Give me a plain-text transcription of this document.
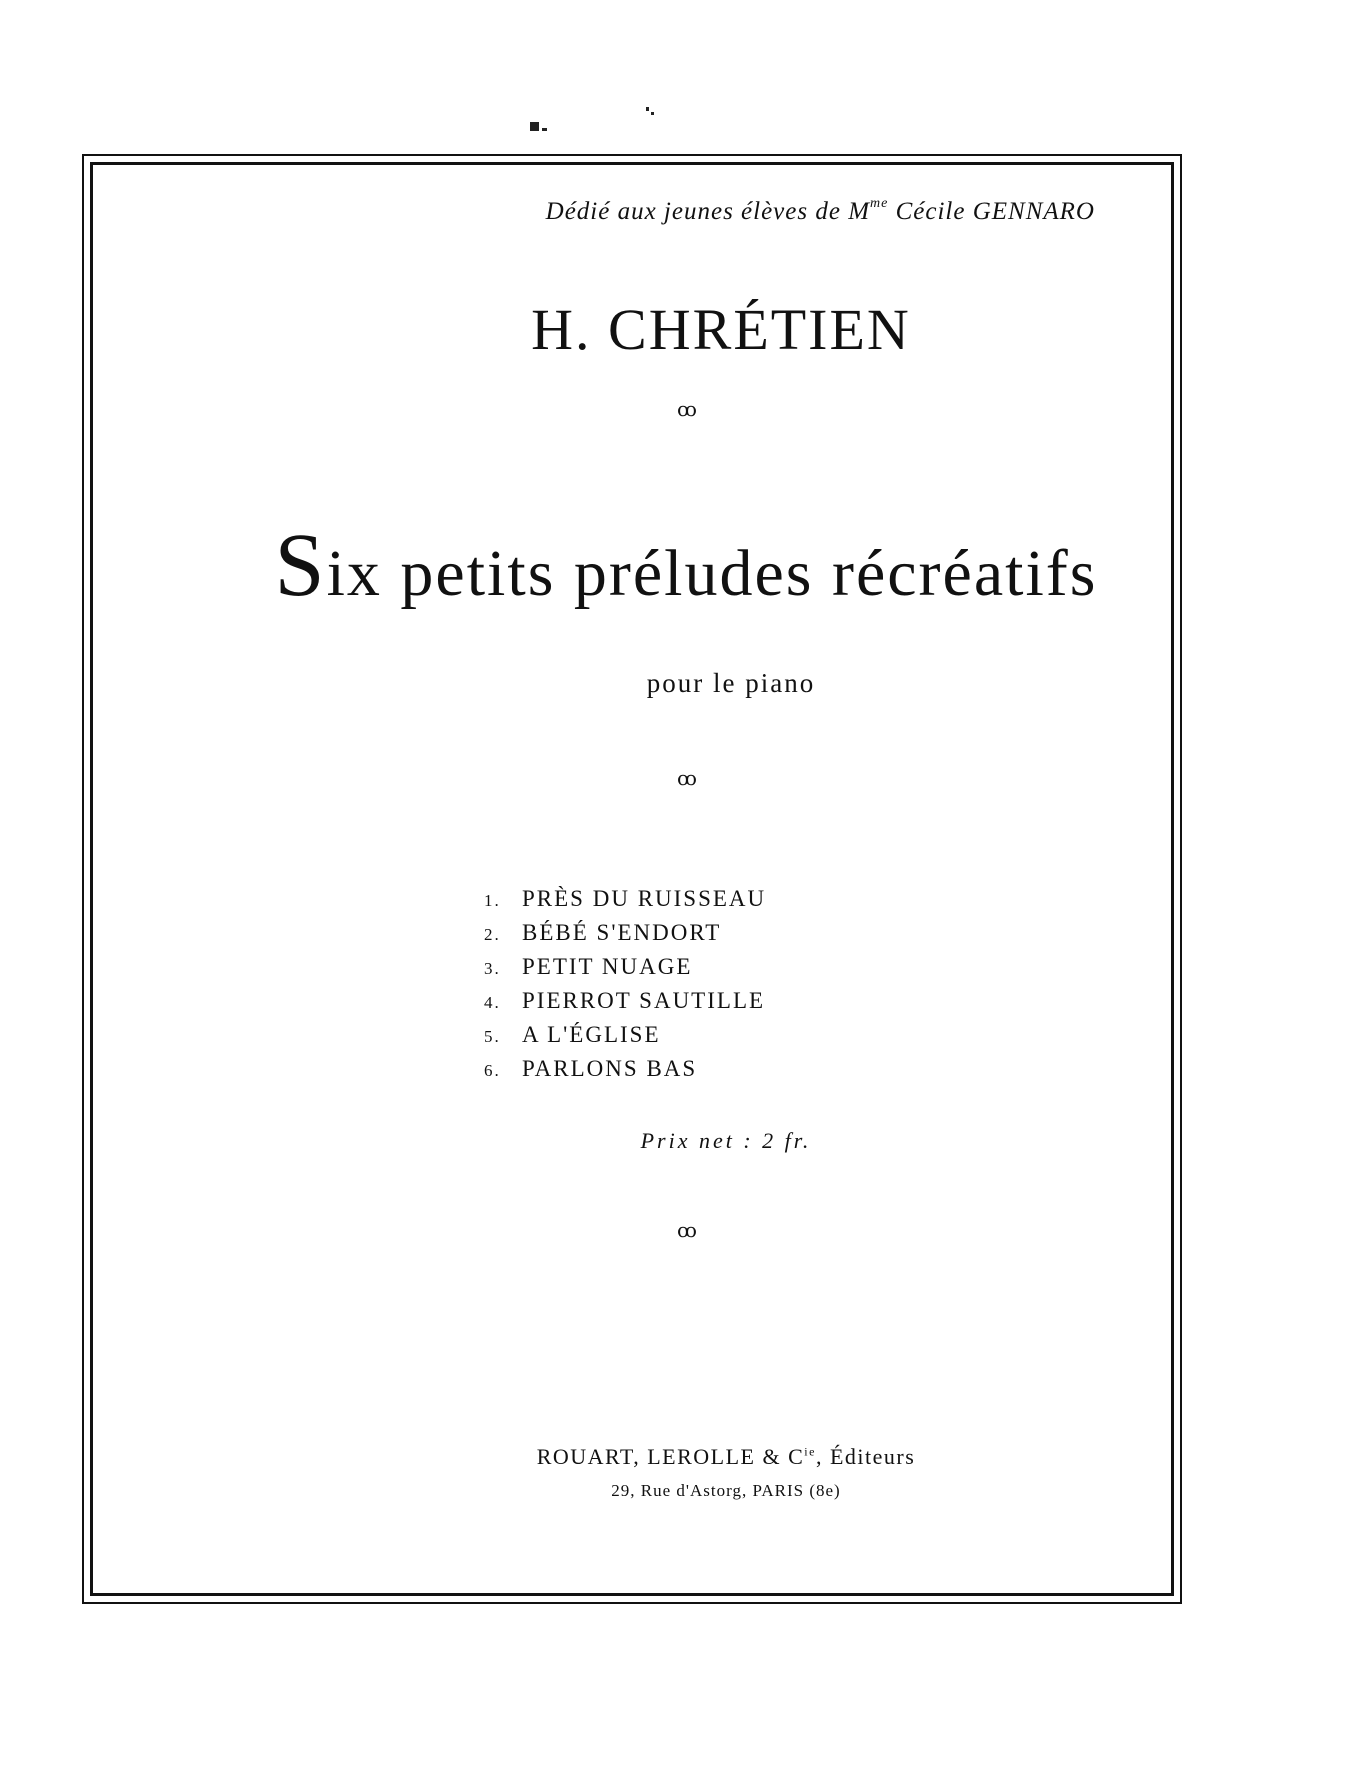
Dédié aux jeunes élèves de $M^{me}$ Cécile GENNARO
H. CHRÉTIEN
ꝏ
Six petits préludes récréatifs
pour le piano
ꝏ
1. PRÈS DU RUISSEAU
2. BÉBÉ S'ENDORT
3. PETIT NUAGE
4. PIERROT SAUTILLE
5. A L'ÉGLISE
6. PARLONS BAS
Prix net : 2 fr.
ꝏ
ROUART, LEROLLE & $C^{ie}$, Éditeurs
29, Rue d'Astorg, PARIS (8e)
